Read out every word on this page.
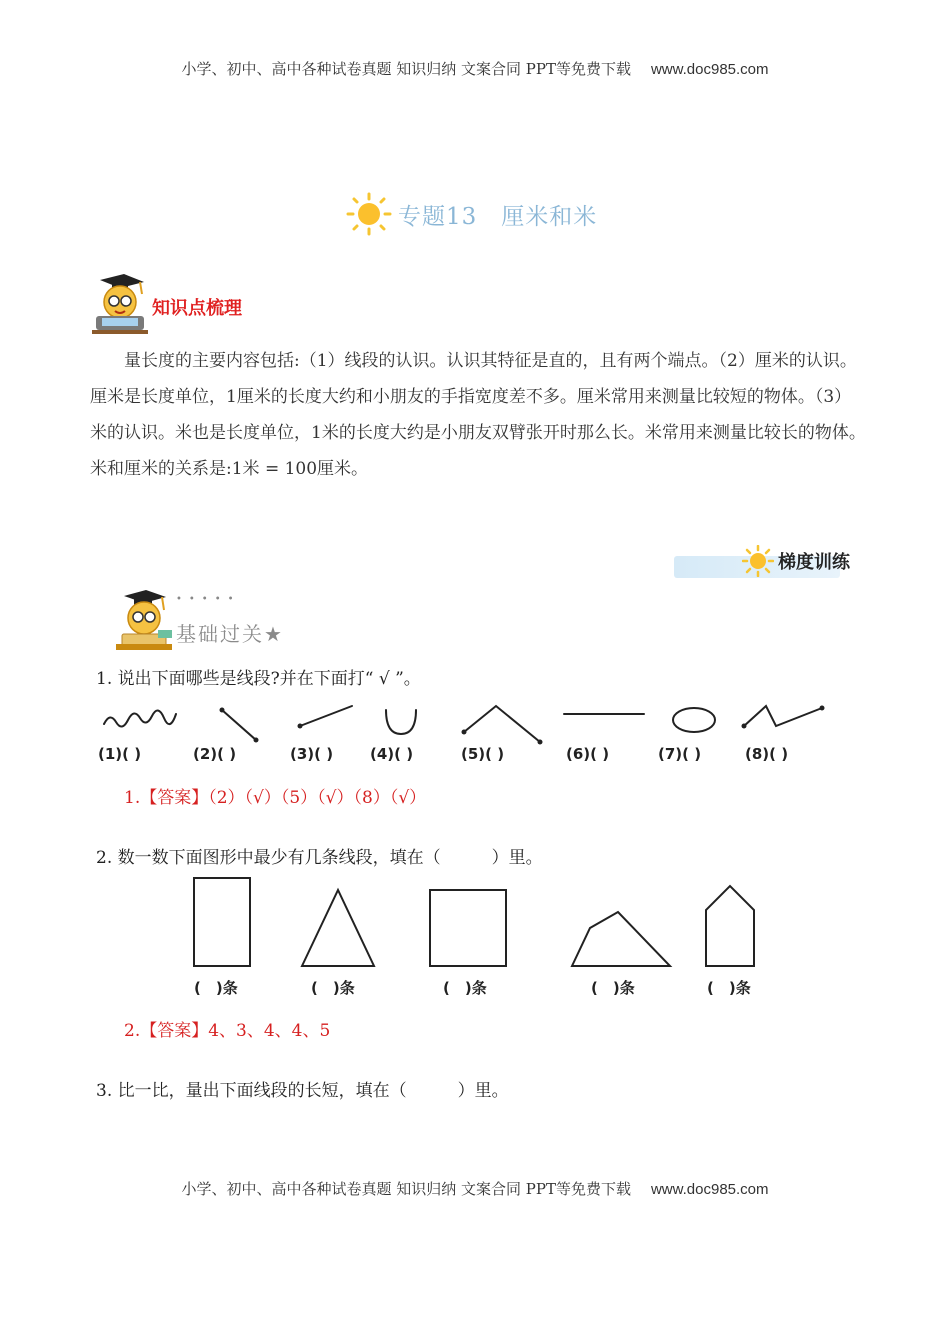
小学、初中、高中各种试卷真题 知识归纳 文案合同 PPT等免费下载 www.doc985.com
专题13　厘米和米
知识点梳理
量长度的主要内容包括:（1）线段的认识。认识其特征是直的，且有两个端点。（2）厘米的认识。厘米是长度单位，1厘米的长度大约和小朋友的手指宽度差不多。厘米常用来测量比较短的物体。（3）米的认识。米也是长度单位，1米的长度大约是小朋友双臂张开时那么长。米常用来测量比较长的物体。米和厘米的关系是:1米 = 100厘米。
梯度训练
•••••
基础过关★
1. 说出下面哪些是线段?并在下面打“ √ ”。
(1)( )	(2)( )	(3)( ) (4)( )	(5)( )	(6)( )	(7)( )	(8)( )
1.【答案】（2）（√）（5）（√）（8）（√）
2. 数一数下面图形中最少有几条线段，填在（　　　）里。
(　)条	(　)条	(　)条	(　)条	(　)条
2.【答案】4、3、4、4、5
3. 比一比，量出下面线段的长短，填在（　　　）里。
小学、初中、高中各种试卷真题 知识归纳 文案合同 PPT等免费下载 www.doc985.com
